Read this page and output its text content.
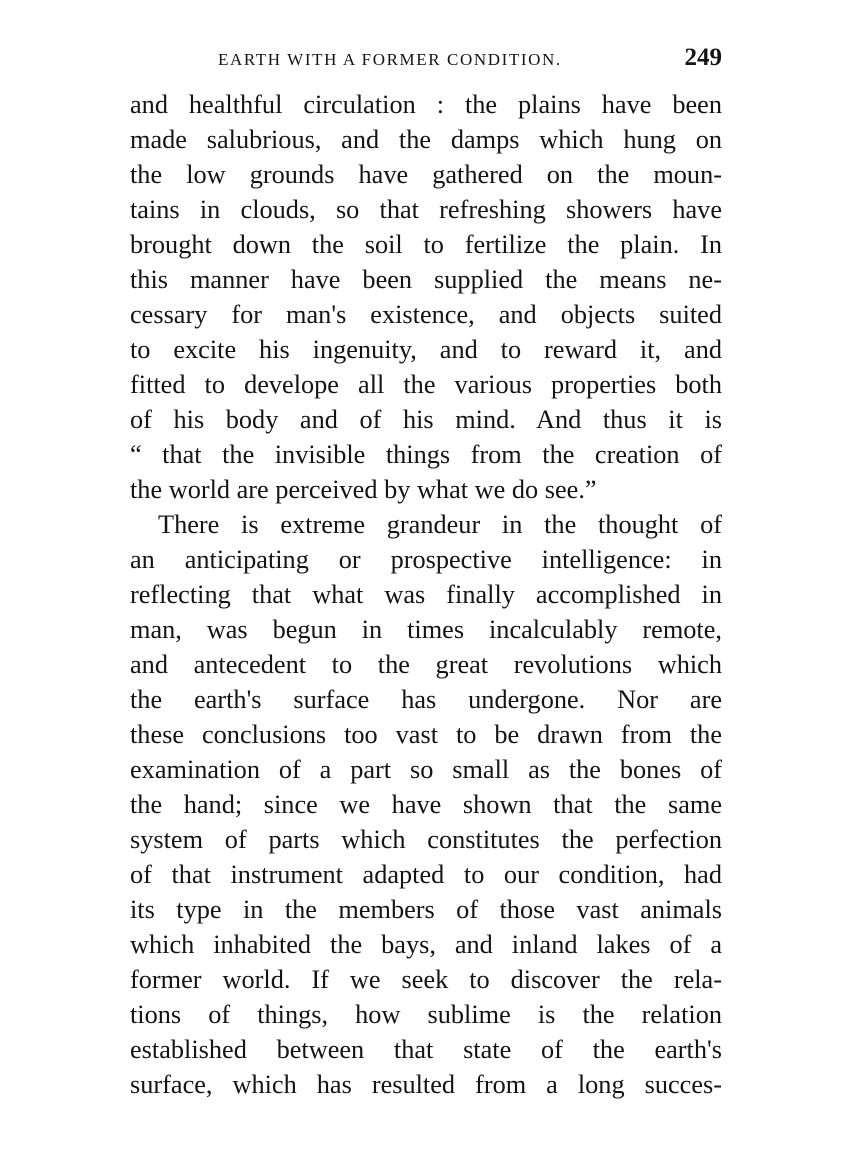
EARTH WITH A FORMER CONDITION.	249
and healthful circulation : the plains have been
made salubrious, and the damps which hung on
the low grounds have gathered on the moun-
tains in clouds, so that refreshing showers have
brought down the soil to fertilize the plain. In
this manner have been supplied the means ne-
cessary for man's existence, and objects suited
to excite his ingenuity, and to reward it, and
fitted to develope all the various properties both
of his body and of his mind. And thus it is
“ that the invisible things from the creation of
the world are perceived by what we do see.”
There is extreme grandeur in the thought of
an anticipating or prospective intelligence: in
reflecting that what was finally accomplished in
man, was begun in times incalculably remote,
and antecedent to the great revolutions which
the earth's surface has undergone. Nor are
these conclusions too vast to be drawn from the
examination of a part so small as the bones of
the hand; since we have shown that the same
system of parts which constitutes the perfection
of that instrument adapted to our condition, had
its type in the members of those vast animals
which inhabited the bays, and inland lakes of a
former world. If we seek to discover the rela-
tions of things, how sublime is the relation
established between that state of the earth's
surface, which has resulted from a long succes-
